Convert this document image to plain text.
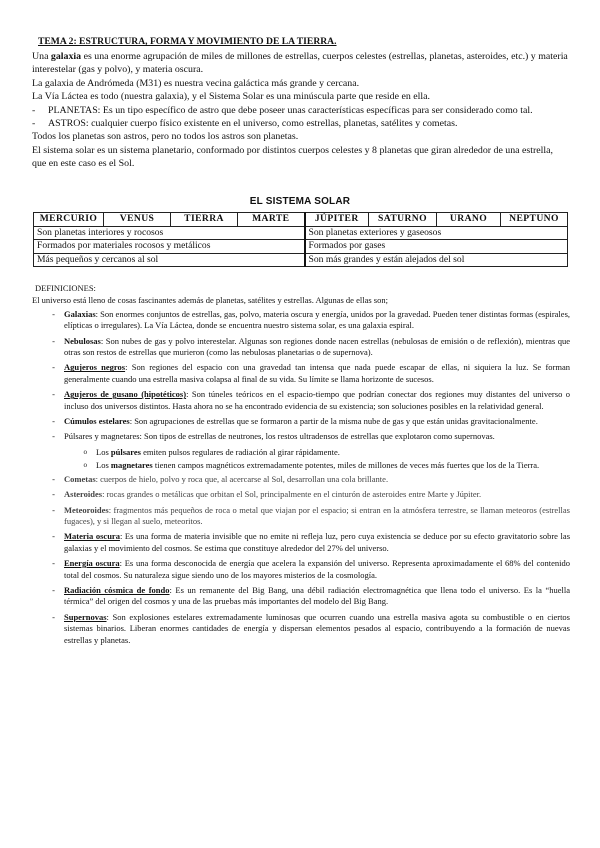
TEMA 2: ESTRUCTURA, FORMA Y MOVIMIENTO DE LA TIERRA.

Una galaxia es una enorme agrupación de miles de millones de estrellas, cuerpos celestes (estrellas, planetas, asteroides, etc.) y materia interestelar (gas y polvo), y materia oscura.

La galaxia de Andrómeda (M31) es nuestra vecina galáctica más grande y cercana.

La Vía Láctea es todo (nuestra galaxia), y el Sistema Solar es una minúscula parte que reside en ella.

-	PLANETAS: Es un tipo específico de astro que debe poseer unas características específicas para ser considerado como tal.
-	ASTROS: cualquier cuerpo físico existente en el universo, como estrellas, planetas, satélites y cometas.

Todos los planetas son astros, pero no todos los astros son planetas.

El sistema solar es un sistema planetario, conformado por distintos cuerpos celestes y 8 planetas que giran alrededor de una estrella, que en este caso es el Sol.

EL SISTEMA SOLAR
MERCURIO	VENUS	TIERRA	MARTE	JÚPITER	SATURNO	URANO	NEPTUNO
Son planetas interiores y rocosos				Son planetas exteriores y gaseosos			
Formados por materiales rocosos y metálicos				Formados por gases			
Más pequeños y cercanos al sol				Son más grandes y están alejados del sol			
DEFINICIONES:
El universo está lleno de cosas fascinantes además de planetas, satélites y estrellas. Algunas de ellas son;
-	Galaxias: Son enormes conjuntos de estrellas, gas, polvo, materia oscura y energía, unidos por la gravedad. Pueden tener distintas formas (espirales, elípticas o irregulares). La Vía Láctea, donde se encuentra nuestro sistema solar, es una galaxia espiral.
-	Nebulosas: Son nubes de gas y polvo interestelar. Algunas son regiones donde nacen estrellas (nebulosas de emisión o de reflexión), mientras que otras son restos de estrellas que murieron (como las nebulosas planetarias o de supernova).
-	Agujeros negros: Son regiones del espacio con una gravedad tan intensa que nada puede escapar de ellas, ni siquiera la luz. Se forman generalmente cuando una estrella masiva colapsa al final de su vida. Su límite se llama horizonte de sucesos.
-	Agujeros de gusano (hipotéticos): Son túneles teóricos en el espacio-tiempo que podrían conectar dos regiones muy distantes del universo o incluso dos universos distintos. Hasta ahora no se ha encontrado evidencia de su existencia; son soluciones posibles en la relatividad general.
-	Cúmulos estelares: Son agrupaciones de estrellas que se formaron a partir de la misma nube de gas y que están unidas gravitacionalmente.
-	Púlsares y magnetares: Son tipos de estrellas de neutrones, los restos ultradensos de estrellas que explotaron como supernovas.
o	Los púlsares emiten pulsos regulares de radiación al girar rápidamente.
o	Los magnetares tienen campos magnéticos extremadamente potentes, miles de millones de veces más fuertes que los de la Tierra.
-	Cometas: cuerpos de hielo, polvo y roca que, al acercarse al Sol, desarrollan una cola brillante.
-	Asteroides: rocas grandes o metálicas que orbitan el Sol, principalmente en el cinturón de asteroides entre Marte y Júpiter.
-	Meteoroides: fragmentos más pequeños de roca o metal que viajan por el espacio; si entran en la atmósfera terrestre, se llaman meteoros (estrellas fugaces), y si llegan al suelo, meteoritos.
-	Materia oscura: Es una forma de materia invisible que no emite ni refleja luz, pero cuya existencia se deduce por su efecto gravitatorio sobre las galaxias y el movimiento del cosmos. Se estima que constituye alrededor del 27% del universo.
-	Energía oscura: Es una forma desconocida de energía que acelera la expansión del universo. Representa aproximadamente el 68% del contenido total del cosmos. Su naturaleza sigue siendo uno de los mayores misterios de la cosmología.
-	Radiación cósmica de fondo: Es un remanente del Big Bang, una débil radiación electromagnética que llena todo el universo. Es la “huella térmica” del origen del cosmos y una de las pruebas más importantes del modelo del Big Bang.
-	Supernovas: Son explosiones estelares extremadamente luminosas que ocurren cuando una estrella masiva agota su combustible o en ciertos sistemas binarios. Liberan enormes cantidades de energía y dispersan elementos pesados al espacio, contribuyendo a la formación de nuevas estrellas y planetas.
